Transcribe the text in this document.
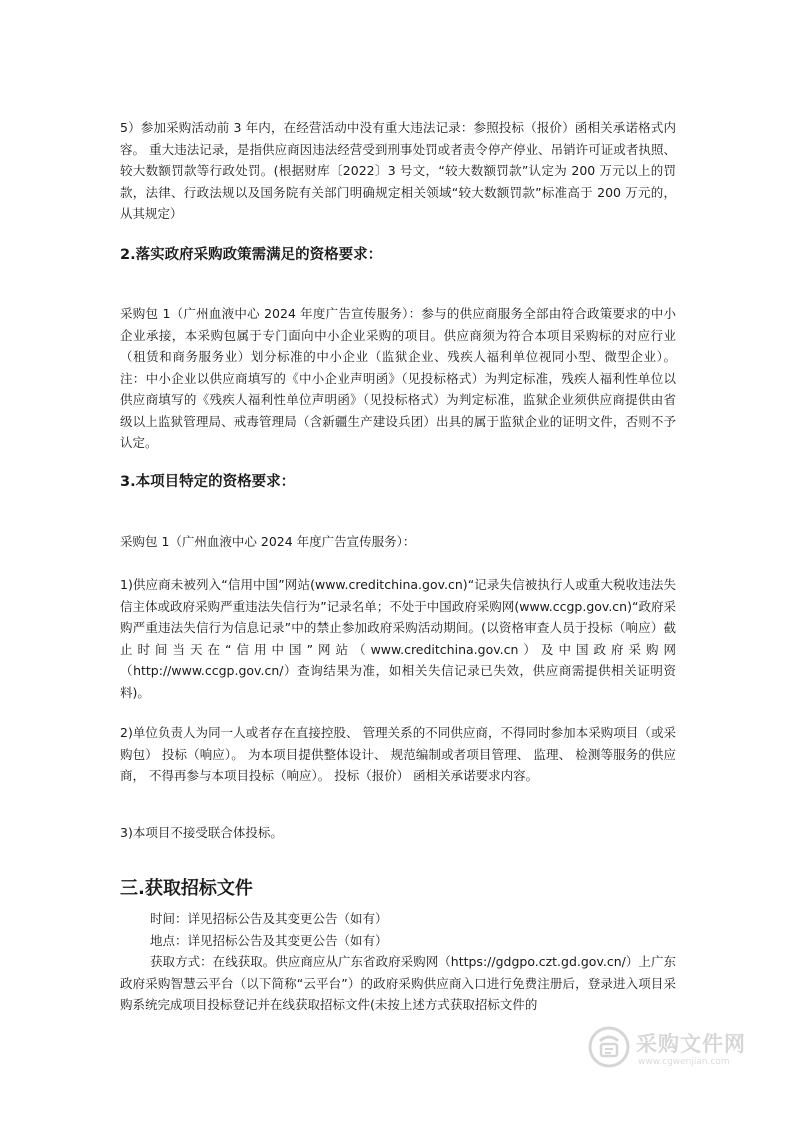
5）参加采购活动前 3 年内，在经营活动中没有重大违法记录：参照投标（报价）函相关承诺格式内容。 重大违法记录，是指供应商因违法经营受到刑事处罚或者责令停产停业、吊销许可证或者执照、较大数额罚款等行政处罚。(根据财库〔2022〕3 号文，“较大数额罚款”认定为 200 万元以上的罚款，法律、行政法规以及国务院有关部门明确规定相关领域“较大数额罚款”标准高于 200 万元的，从其规定）

2.落实政府采购政策需满足的资格要求：

采购包 1（广州血液中心 2024 年度广告宣传服务）：参与的供应商服务全部由符合政策要求的中小企业承接，本采购包属于专门面向中小企业采购的项目。供应商须为符合本项目采购标的对应行业（租赁和商务服务业）划分标准的中小企业（监狱企业、残疾人福利单位视同小型、微型企业）。 注：中小企业以供应商填写的《中小企业声明函》（见投标格式）为判定标准，残疾人福利性单位以供应商填写的《残疾人福利性单位声明函》（见投标格式）为判定标准，监狱企业须供应商提供由省级以上监狱管理局、戒毒管理局（含新疆生产建设兵团）出具的属于监狱企业的证明文件，否则不予认定。

3.本项目特定的资格要求：

采购包 1（广州血液中心 2024 年度广告宣传服务）：

1)供应商未被列入“信用中国”网站(www.creditchina.gov.cn)“记录失信被执行人或重大税收违法失信主体或政府采购严重违法失信行为”记录名单；不处于中国政府采购网(www.ccgp.gov.cn)“政府采购严重违法失信行为信息记录”中的禁止参加政府采购活动期间。(以资格审查人员于投标（响应）截止时间当天在“信用中国”网站（www.creditchina.gov.cn）及中国政府采购网（http://www.ccgp.gov.cn/）查询结果为准，如相关失信记录已失效，供应商需提供相关证明资料)。

2)单位负责人为同一人或者存在直接控股、 管理关系的不同供应商，不得同时参加本采购项目（或采购包） 投标（响应）。 为本项目提供整体设计、 规范编制或者项目管理、 监理、 检测等服务的供应商， 不得再参与本项目投标（响应）。 投标（报价） 函相关承诺要求内容。

3)本项目不接受联合体投标。

三.获取招标文件

时间：详见招标公告及其变更公告（如有）

地点：详见招标公告及其变更公告（如有）

获取方式：在线获取。供应商应从广东省政府采购网（https://gdgpo.czt.gd.gov.cn/）上广东政府采购智慧云平台（以下简称“云平台”）的政府采购供应商入口进行免费注册后，登录进入项目采购系统完成项目投标登记并在线获取招标文件(未按上述方式获取招标文件的

采购文件网
www.cgwenjian.com
